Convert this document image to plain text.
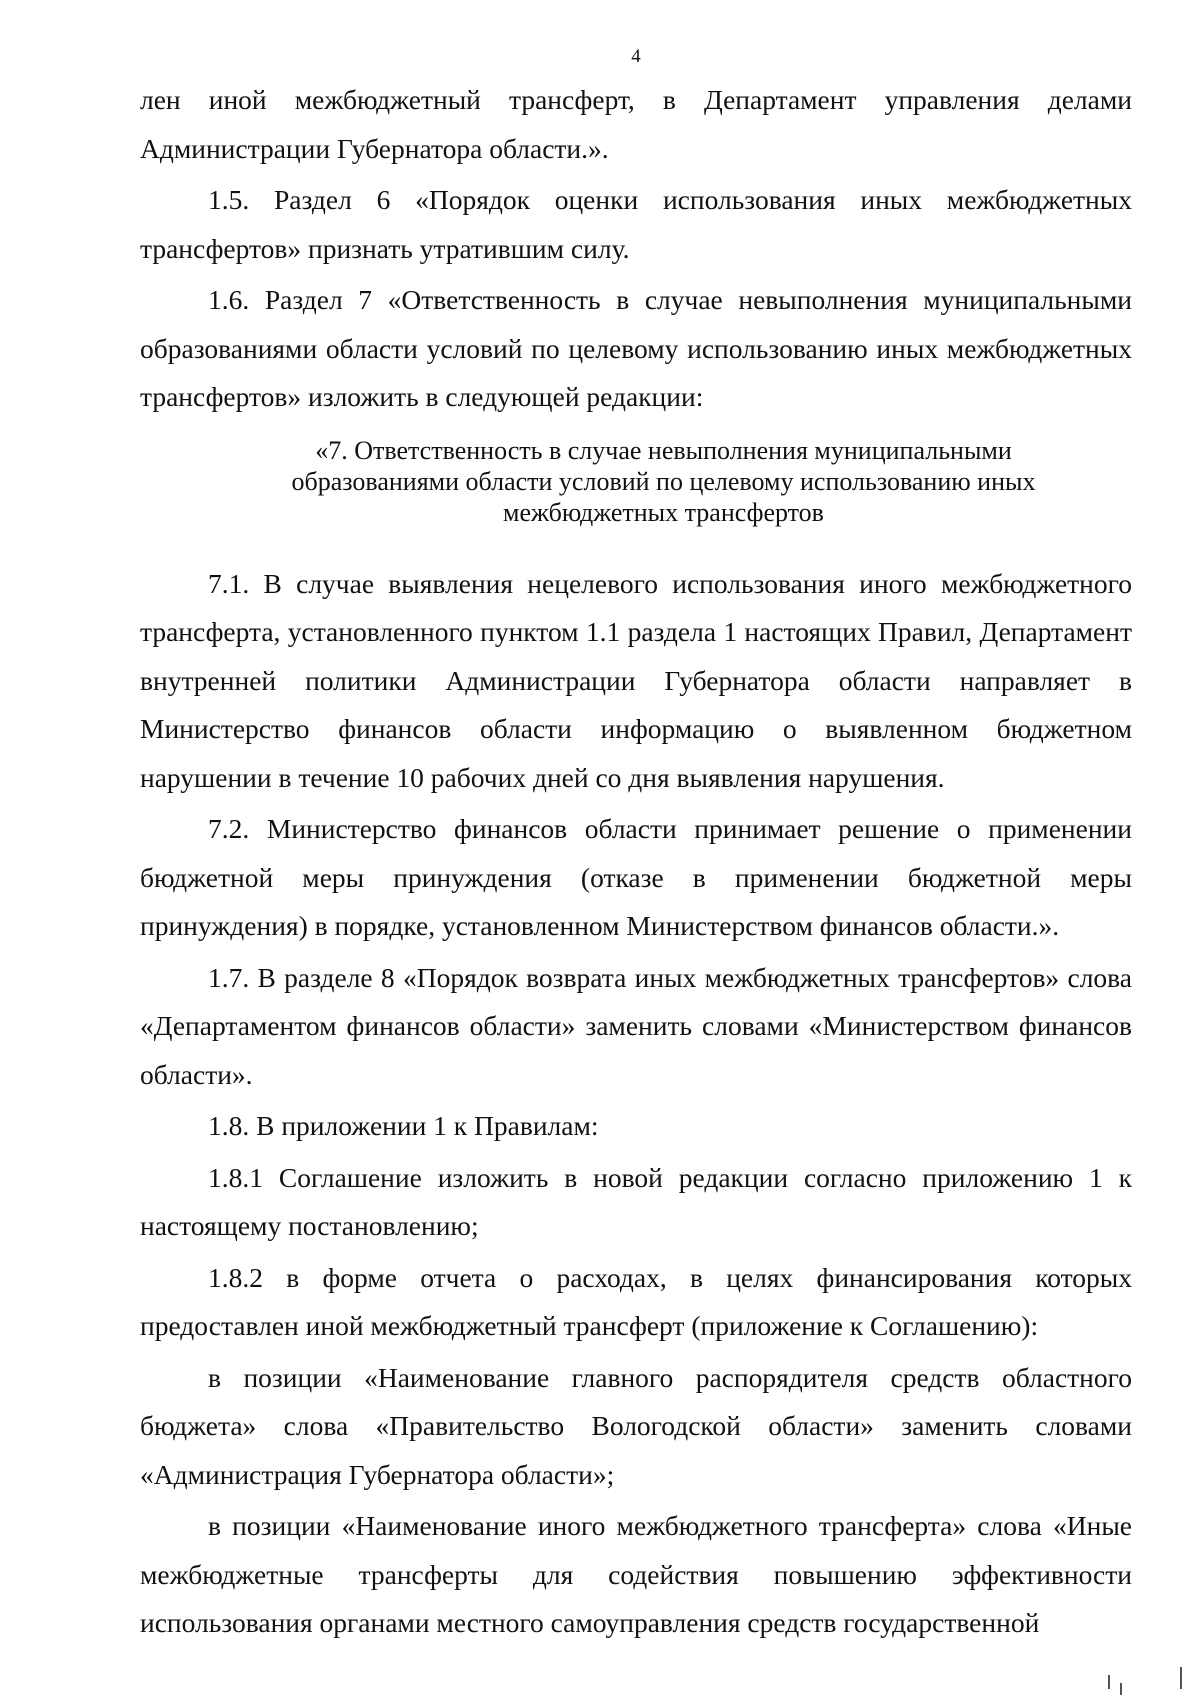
4

лен иной межбюджетный трансферт, в Департамент управления делами Администрации Губернатора области.».

1.5. Раздел 6 «Порядок оценки использования иных межбюджетных трансфертов» признать утратившим силу.

1.6. Раздел 7 «Ответственность в случае невыполнения муниципальными образованиями области условий по целевому использованию иных межбюджетных трансфертов» изложить в следующей редакции:

«7. Ответственность в случае невыполнения муниципальными образованиями области условий по целевому использованию иных межбюджетных трансфертов

7.1. В случае выявления нецелевого использования иного межбюджетного трансферта, установленного пунктом 1.1 раздела 1 настоящих Правил, Департамент внутренней политики Администрации Губернатора области направляет в Министерство финансов области информацию о выявленном бюджетном нарушении в течение 10 рабочих дней со дня выявления нарушения.

7.2. Министерство финансов области принимает решение о применении бюджетной меры принуждения (отказе в применении бюджетной меры принуждения) в порядке, установленном Министерством финансов области.».

1.7. В разделе 8 «Порядок возврата иных межбюджетных трансфертов» слова «Департаментом финансов области» заменить словами «Министерством финансов области».

1.8. В приложении 1 к Правилам:

1.8.1 Соглашение изложить в новой редакции согласно приложению 1 к настоящему постановлению;

1.8.2 в форме отчета о расходах, в целях финансирования которых предоставлен иной межбюджетный трансферт (приложение к Соглашению):

в позиции «Наименование главного распорядителя средств областного бюджета» слова «Правительство Вологодской области» заменить словами «Администрация Губернатора области»;

в позиции «Наименование иного межбюджетного трансферта» слова «Иные межбюджетные трансферты для содействия повышению эффективности использования органами местного самоуправления средств государственной
